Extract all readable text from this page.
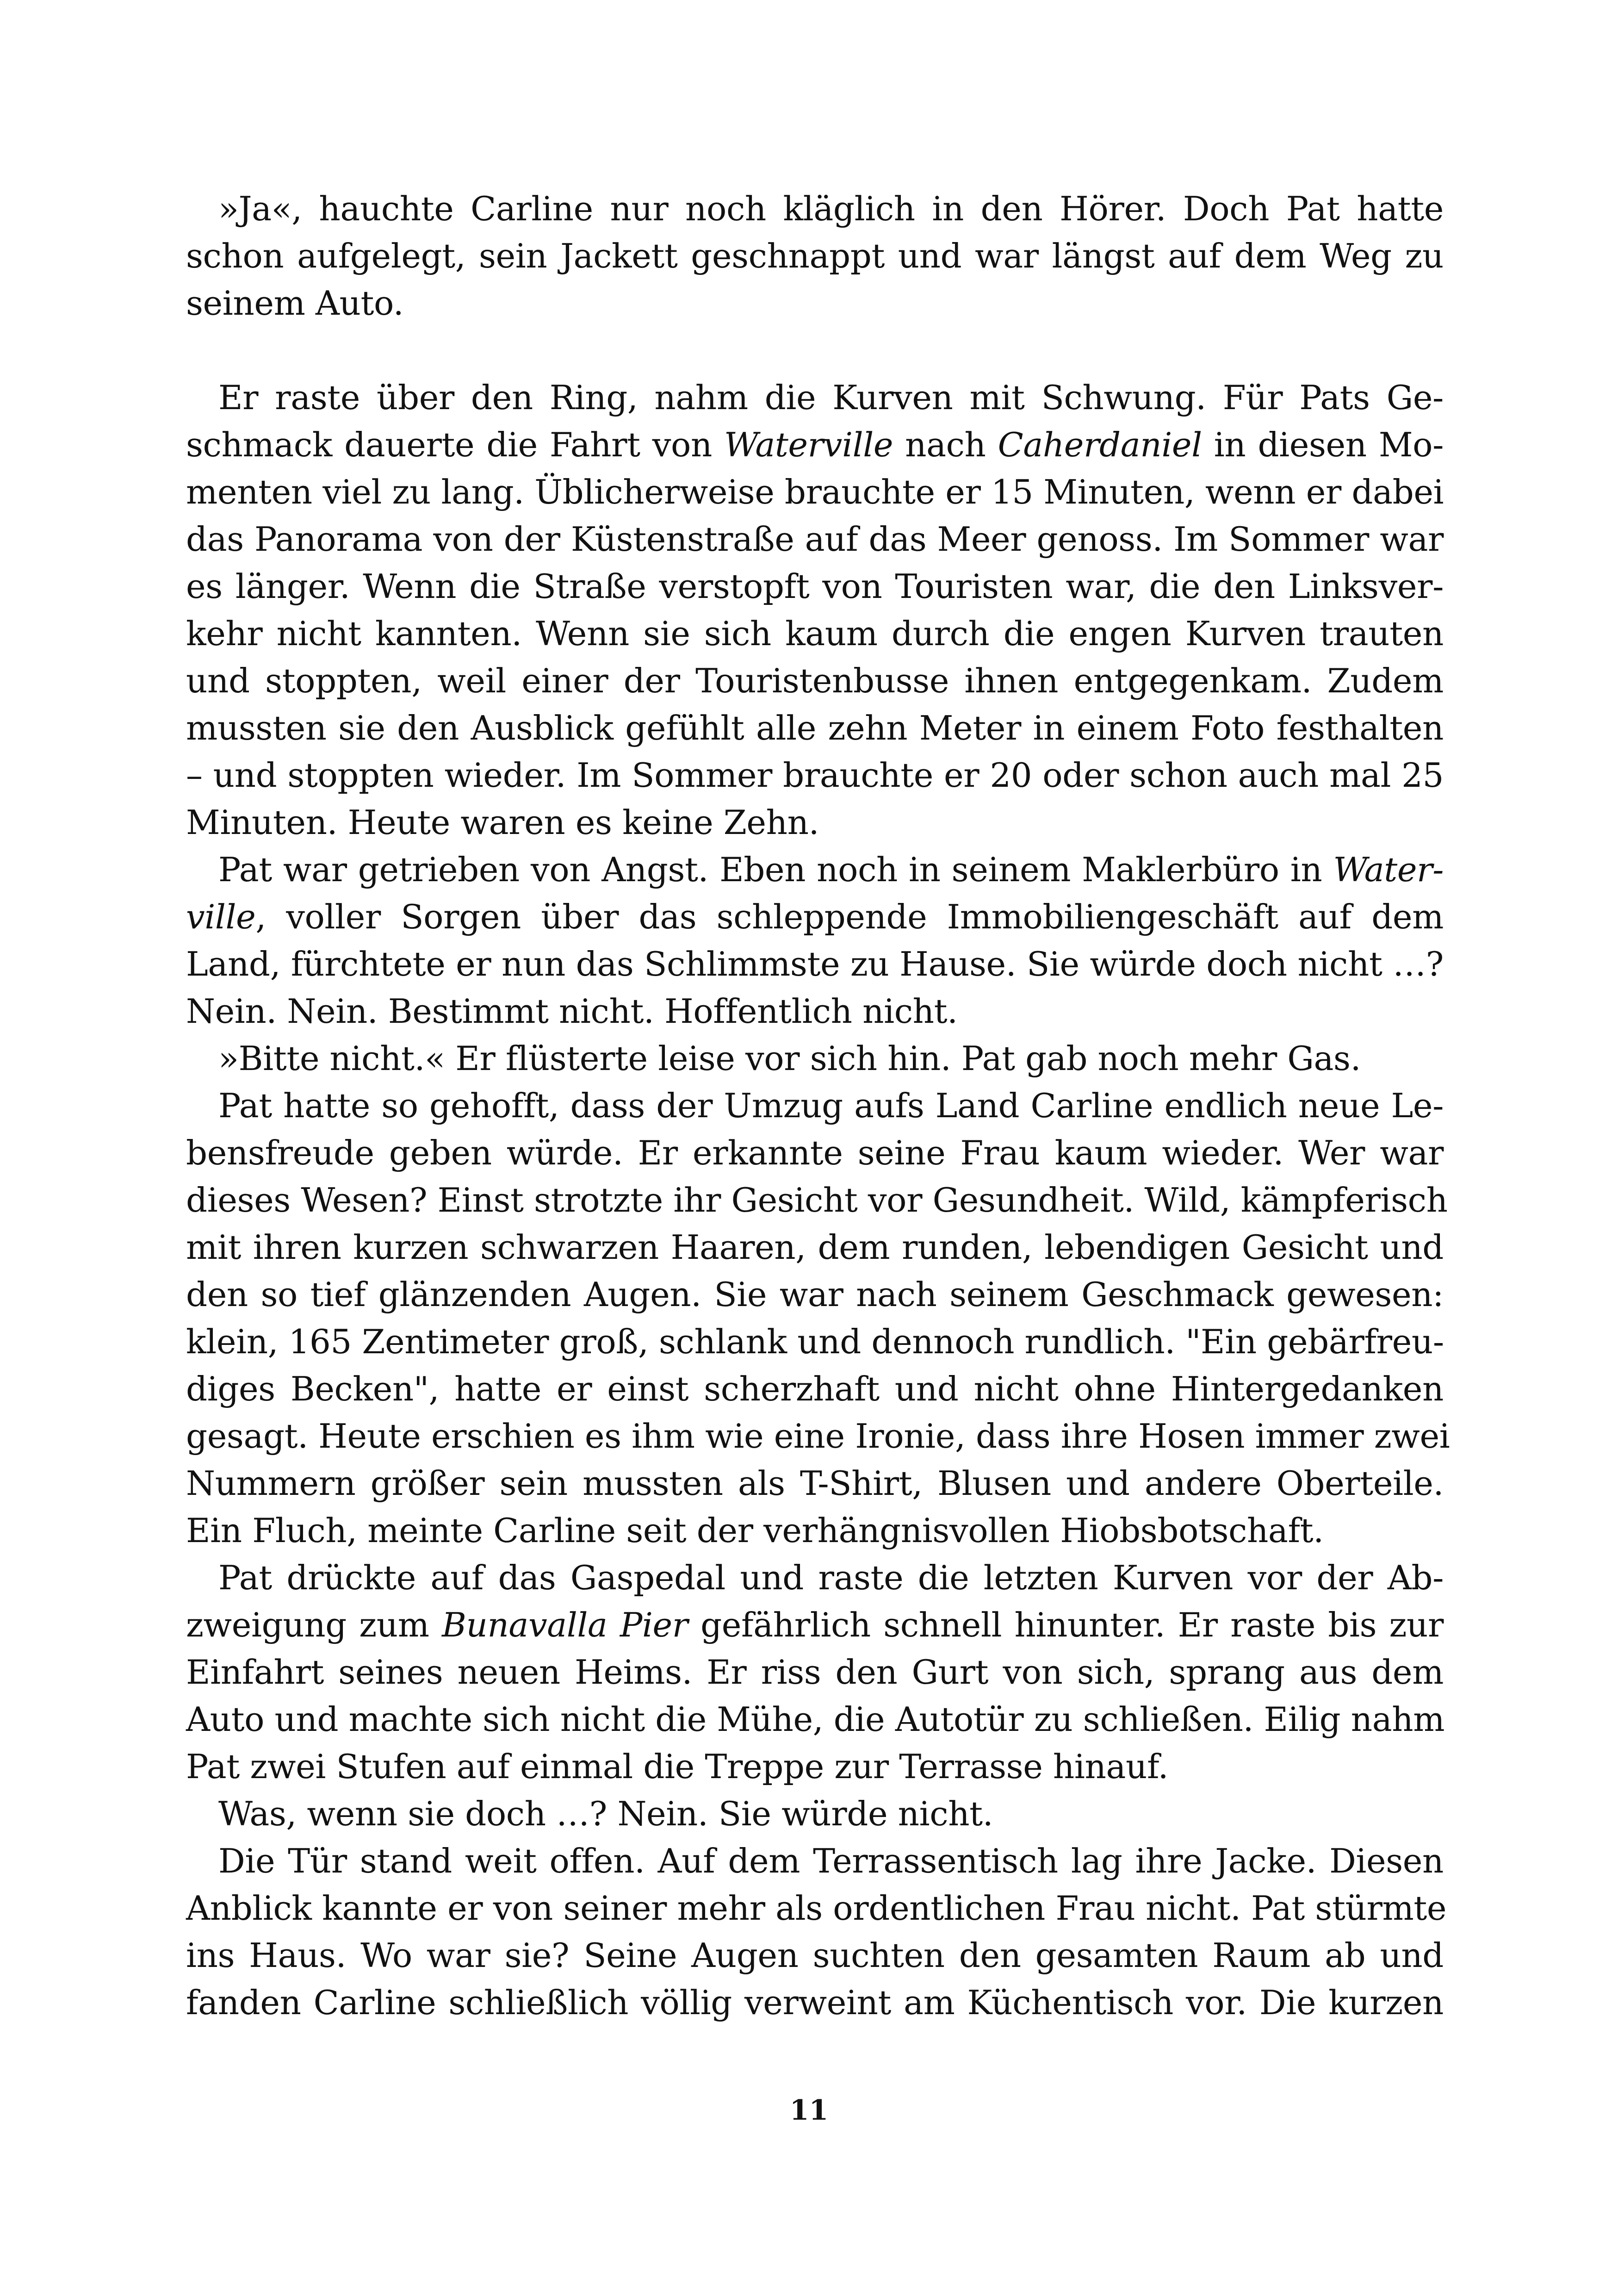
»Ja«, hauchte Carline nur noch kläglich in den Hörer. Doch Pat hatte
schon aufgelegt, sein Jackett geschnappt und war längst auf dem Weg zu
seinem Auto.
Er raste über den Ring, nahm die Kurven mit Schwung. Für Pats Ge-
schmack dauerte die Fahrt von Waterville nach Caherdaniel in diesen Mo-
menten viel zu lang. Üblicherweise brauchte er 15 Minuten, wenn er dabei
das Panorama von der Küstenstraße auf das Meer genoss. Im Sommer war
es länger. Wenn die Straße verstopft von Touristen war, die den Linksver-
kehr nicht kannten. Wenn sie sich kaum durch die engen Kurven trauten
und stoppten, weil einer der Touristenbusse ihnen entgegenkam. Zudem
mussten sie den Ausblick gefühlt alle zehn Meter in einem Foto festhalten
– und stoppten wieder. Im Sommer brauchte er 20 oder schon auch mal 25
Minuten. Heute waren es keine Zehn.
Pat war getrieben von Angst. Eben noch in seinem Maklerbüro in Water-
ville, voller Sorgen über das schleppende Immobiliengeschäft auf dem
Land, fürchtete er nun das Schlimmste zu Hause. Sie würde doch nicht …?
Nein. Nein. Bestimmt nicht. Hoffentlich nicht.
»Bitte nicht.« Er flüsterte leise vor sich hin. Pat gab noch mehr Gas.
Pat hatte so gehofft, dass der Umzug aufs Land Carline endlich neue Le-
bensfreude geben würde. Er erkannte seine Frau kaum wieder. Wer war
dieses Wesen? Einst strotzte ihr Gesicht vor Gesundheit. Wild, kämpferisch
mit ihren kurzen schwarzen Haaren, dem runden, lebendigen Gesicht und
den so tief glänzenden Augen. Sie war nach seinem Geschmack gewesen:
klein, 165 Zentimeter groß, schlank und dennoch rundlich. "Ein gebärfreu-
diges Becken", hatte er einst scherzhaft und nicht ohne Hintergedanken
gesagt. Heute erschien es ihm wie eine Ironie, dass ihre Hosen immer zwei
Nummern größer sein mussten als T-Shirt, Blusen und andere Oberteile.
Ein Fluch, meinte Carline seit der verhängnisvollen Hiobsbotschaft.
Pat drückte auf das Gaspedal und raste die letzten Kurven vor der Ab-
zweigung zum Bunavalla Pier gefährlich schnell hinunter. Er raste bis zur
Einfahrt seines neuen Heims. Er riss den Gurt von sich, sprang aus dem
Auto und machte sich nicht die Mühe, die Autotür zu schließen. Eilig nahm
Pat zwei Stufen auf einmal die Treppe zur Terrasse hinauf.
Was, wenn sie doch …? Nein. Sie würde nicht.
Die Tür stand weit offen. Auf dem Terrassentisch lag ihre Jacke. Diesen
Anblick kannte er von seiner mehr als ordentlichen Frau nicht. Pat stürmte
ins Haus. Wo war sie? Seine Augen suchten den gesamten Raum ab und
fanden Carline schließlich völlig verweint am Küchentisch vor. Die kurzen
11
